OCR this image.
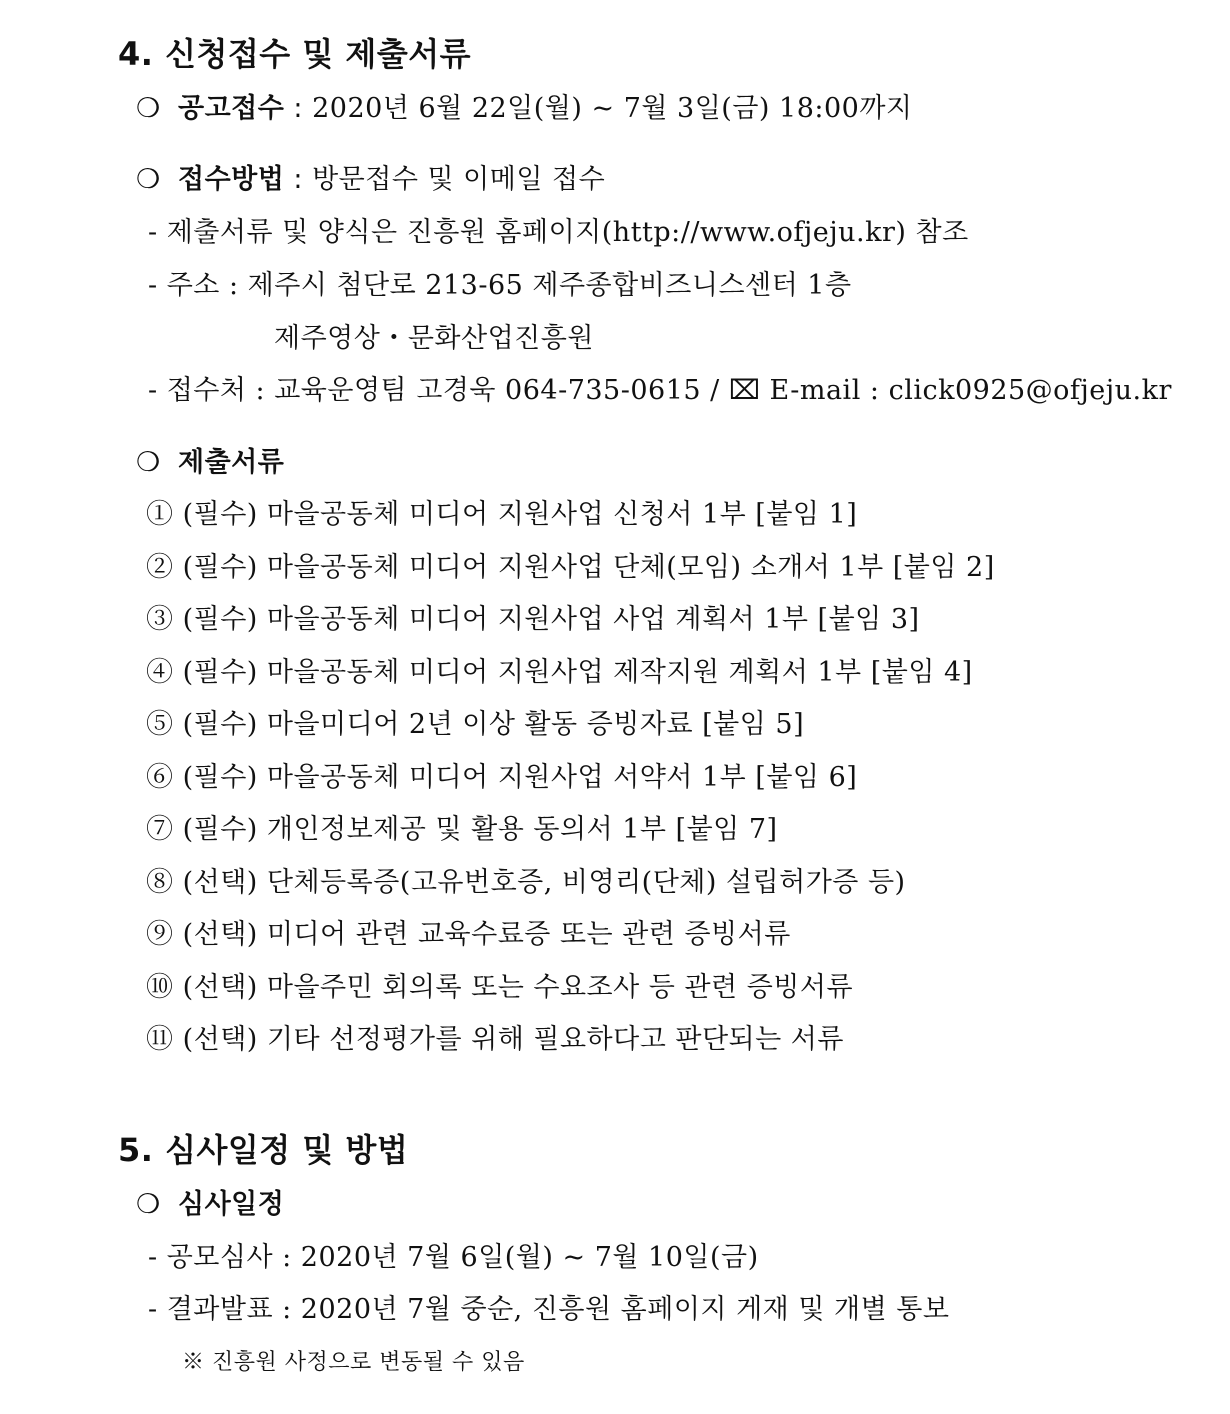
4. 신청접수 및 제출서류
❍ 공고접수 : 2020년 6월 22일(월) ~ 7월 3일(금) 18:00까지
❍ 접수방법 : 방문접수 및 이메일 접수
- 제출서류 및 양식은 진흥원 홈페이지(http://www.ofjeju.kr) 참조
- 주소 : 제주시 첨단로 213-65 제주종합비즈니스센터 1층
제주영상・문화산업진흥원
- 접수처 : 교육운영팀 고경욱 064-735-0615 / ⌧ E-mail : click0925@ofjeju.kr
❍ 제출서류
① (필수) 마을공동체 미디어 지원사업 신청서 1부 [붙임 1]
② (필수) 마을공동체 미디어 지원사업 단체(모임) 소개서 1부 [붙임 2]
③ (필수) 마을공동체 미디어 지원사업 사업 계획서 1부 [붙임 3]
④ (필수) 마을공동체 미디어 지원사업 제작지원 계획서 1부 [붙임 4]
⑤ (필수) 마을미디어 2년 이상 활동 증빙자료 [붙임 5]
⑥ (필수) 마을공동체 미디어 지원사업 서약서 1부 [붙임 6]
⑦ (필수) 개인정보제공 및 활용 동의서 1부 [붙임 7]
⑧ (선택) 단체등록증(고유번호증, 비영리(단체) 설립허가증 등)
⑨ (선택) 미디어 관련 교육수료증 또는 관련 증빙서류
⑩ (선택) 마을주민 회의록 또는 수요조사 등 관련 증빙서류
⑪ (선택) 기타 선정평가를 위해 필요하다고 판단되는 서류
5. 심사일정 및 방법
❍ 심사일정
- 공모심사 : 2020년 7월 6일(월) ~ 7월 10일(금)
- 결과발표 : 2020년 7월 중순, 진흥원 홈페이지 게재 및 개별 통보
※ 진흥원 사정으로 변동될 수 있음
